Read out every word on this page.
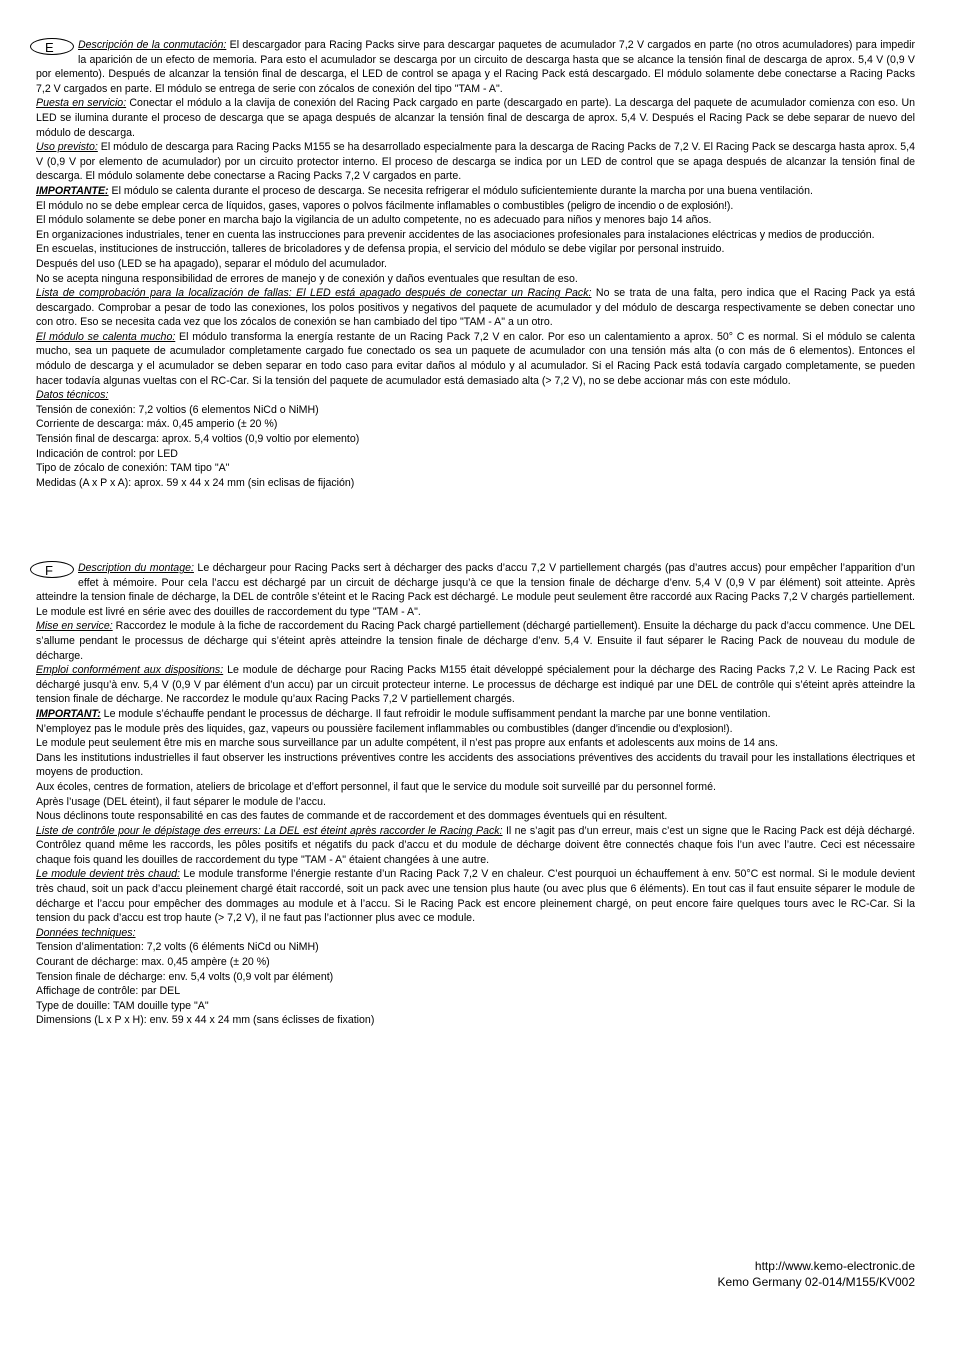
E	Descripción de la conmutación: El descargador para Racing Packs sirve para descargar paquetes de acumulador 7,2 V cargados en parte (no otros acumuladores) para impedir la aparición de un efecto de memoria. Para esto el acumulador se descarga por un circuito de descarga hasta que se alcance la tensión final de descarga de aprox. 5,4 V (0,9 V por elemento). Después de alcanzar la tensión final de descarga, el LED de control se apaga y el Racing Pack está descargado. El módulo solamente debe conectarse a Racing Packs 7,2 V cargados en parte. El módulo se entrega de serie con zócalos de conexión del tipo "TAM - A".

Puesta en servicio: Conectar el módulo a la clavija de conexión del Racing Pack cargado en parte (descargado en parte). La descarga del paquete de acumulador comienza con eso. Un LED se ilumina durante el proceso de descarga que se apaga después de alcanzar la tensión final de descarga de aprox. 5,4 V. Después el Racing Pack se debe separar de nuevo del módulo de descarga.

Uso previsto: El módulo de descarga para Racing Packs M155 se ha desarrollado especialmente para la descarga de Racing Packs de 7,2 V. El Racing Pack se descarga hasta aprox. 5,4 V (0,9 V por elemento de acumulador) por un circuito protector interno. El proceso de descarga se indica por un LED de control que se apaga después de alcanzar la tensión final de descarga. El módulo solamente debe conectarse a Racing Packs 7,2 V cargados en parte.

IMPORTANTE: El módulo se calenta durante el proceso de descarga. Se necesita refrigerar el módulo suficientemiente durante la marcha por una buena ventilación.

El módulo no se debe emplear cerca de líquidos, gases, vapores o polvos fácilmente inflamables o combustibles (peligro de incendio o de explosión!).

El módulo solamente se debe poner en marcha bajo la vigilancia de un adulto competente, no es adecuado para niños y menores bajo 14 años.

En organizaciones industriales, tener en cuenta las instrucciones para prevenir accidentes de las asociaciones profesionales para instalaciones eléctricas y medios de producción.

En escuelas, instituciones de instrucción, talleres de bricoladores y de defensa propia, el servicio del módulo se debe vigilar por personal instruido.

Después del uso (LED se ha apagado), separar el módulo del acumulador.

No se acepta ninguna responsibilidad de errores de manejo y de conexión y daños eventuales que resultan de eso.

Lista de comprobación para la localización de fallas: El LED está apagado después de conectar un Racing Pack: No se trata de una falta, pero indica que el Racing Pack ya está descargado. Comprobar a pesar de todo las conexiones, los polos positivos y negativos del paquete de acumulador y del módulo de descarga respectivamente se deben conectar uno con otro. Eso se necesita cada vez que los zócalos de conexión se han cambiado del tipo "TAM - A" a un otro.

El módulo se calenta mucho: El módulo transforma la energía restante de un Racing Pack 7,2 V en calor. Por eso un calentamiento a aprox. 50° C es normal. Si el módulo se calenta mucho, sea un paquete de acumulador completamente cargado fue conectado os sea un paquete de acumulador con una tensión más alta (o con más de 6 elementos). Entonces el módulo de descarga y el acumulador se deben separar en todo caso para evitar daños al módulo y al acumulador. Si el Racing Pack está todavía cargado completamente, se pueden hacer todavía algunas vueltas con el RC-Car. Si la tensión del paquete de acumulador está demasiado alta (> 7,2 V), no se debe accionar más con este módulo.

Datos técnicos:

Tensión de conexión: 7,2 voltios (6 elementos NiCd o NiMH)

Corriente de descarga: máx. 0,45 amperio (± 20 %)

Tensión final de descarga: aprox. 5,4 voltios (0,9 voltio por elemento)

Indicación de control: por LED

Tipo de zócalo de conexión: TAM tipo "A"

Medidas (A x P x A): aprox. 59 x 44 x 24 mm (sin eclisas de fijación)

F	Description du montage: Le déchargeur pour Racing Packs sert à décharger des packs d’accu 7,2 V partiellement chargés (pas d’autres accus) pour empêcher l’apparition d’un effet à mémoire. Pour cela l’accu est déchargé par un circuit de décharge jusqu’à ce que la tension finale de décharge d’env. 5,4 V (0,9 V par élément) soit atteinte. Après atteindre la tension finale de décharge, la DEL de contrôle s’éteint et le Racing Pack est déchargé. Le module peut seulement être raccordé aux Racing Packs 7,2 V chargés partiellement. Le module est livré en série avec des douilles de raccordement du type "TAM - A".

Mise en service: Raccordez le module à la fiche de raccordement du Racing Pack chargé partiellement (déchargé partiellement). Ensuite la décharge du pack d’accu commence. Une DEL s’allume pendant le processus de décharge qui s’éteint après atteindre la tension finale de décharge d’env. 5,4 V. Ensuite il faut séparer le Racing Pack de nouveau du module de décharge.

Emploi conformément aux dispositions: Le module de décharge pour Racing Packs M155 était développé spécialement pour la décharge des Racing Packs 7,2 V. Le Racing Pack est déchargé jusqu’à env. 5,4 V (0,9 V par élément d’un accu) par un circuit protecteur interne. Le processus de décharge est indiqué par une DEL de contrôle qui s’éteint après atteindre la tension finale de décharge. Ne raccordez le module qu’aux Racing Packs 7,2 V partiellement chargés.

IMPORTANT: Le module s’échauffe pendant le processus de décharge. Il faut refroidir le module suffisamment pendant la marche par une bonne ventilation.

N’employez pas le module près des liquides, gaz, vapeurs ou poussière facilement inflammables ou combustibles (danger d’incendie ou d’explosion!).

Le module peut seulement être mis en marche sous surveillance par un adulte compétent, il n’est pas propre aux enfants et adolescents aux moins de 14 ans.

Dans les institutions industrielles il faut observer les instructions préventives contre les accidents des associations préventives des accidents du travail pour les installations électriques et moyens de production.

Aux écoles, centres de formation, ateliers de bricolage et d’effort personnel, il faut que le service du module soit surveillé par du personnel formé.

Après l’usage (DEL éteint), il faut séparer le module de l’accu.

Nous déclinons toute responsabilité en cas des fautes de commande et de raccordement et des dommages éventuels qui en résultent.

Liste de contrôle pour le dépistage des erreurs: La DEL est éteint après raccorder le Racing Pack: Il ne s’agit pas d’un erreur, mais c’est un signe que le Racing Pack est déjà déchargé. Contrôlez quand même les raccords, les pôles positifs et négatifs du pack d’accu et du module de décharge doivent être connectés chaque fois l’un avec l’autre. Ceci est nécessaire chaque fois quand les douilles de raccordement du type "TAM - A" étaient changées à une autre.

Le module devient très chaud: Le module transforme l’énergie restante d’un Racing Pack 7,2 V en chaleur. C’est pourquoi un échauffement à env. 50°C est normal. Si le module devient très chaud, soit un pack d’accu pleinement chargé était raccordé, soit un pack avec une tension plus haute (ou avec plus que 6 éléments). En tout cas il faut ensuite séparer le module de décharge et l’accu pour empêcher des dommages au module et à l’accu. Si le Racing Pack est encore pleinement chargé, on peut encore faire quelques tours avec le RC-Car. Si la tension du pack d’accu est trop haute (> 7,2 V), il ne faut pas l’actionner plus avec ce module.

Données techniques:

Tension d’alimentation: 7,2 volts (6 éléments NiCd ou NiMH)

Courant de décharge: max. 0,45 ampère (± 20 %)

Tension finale de décharge: env. 5,4 volts (0,9 volt par élément)

Affichage de contrôle: par DEL

Type de douille: TAM douille type "A"

Dimensions (L x P x H): env. 59 x 44 x 24 mm (sans éclisses de fixation)

http://www.kemo-electronic.de
Kemo Germany 02-014/M155/KV002
